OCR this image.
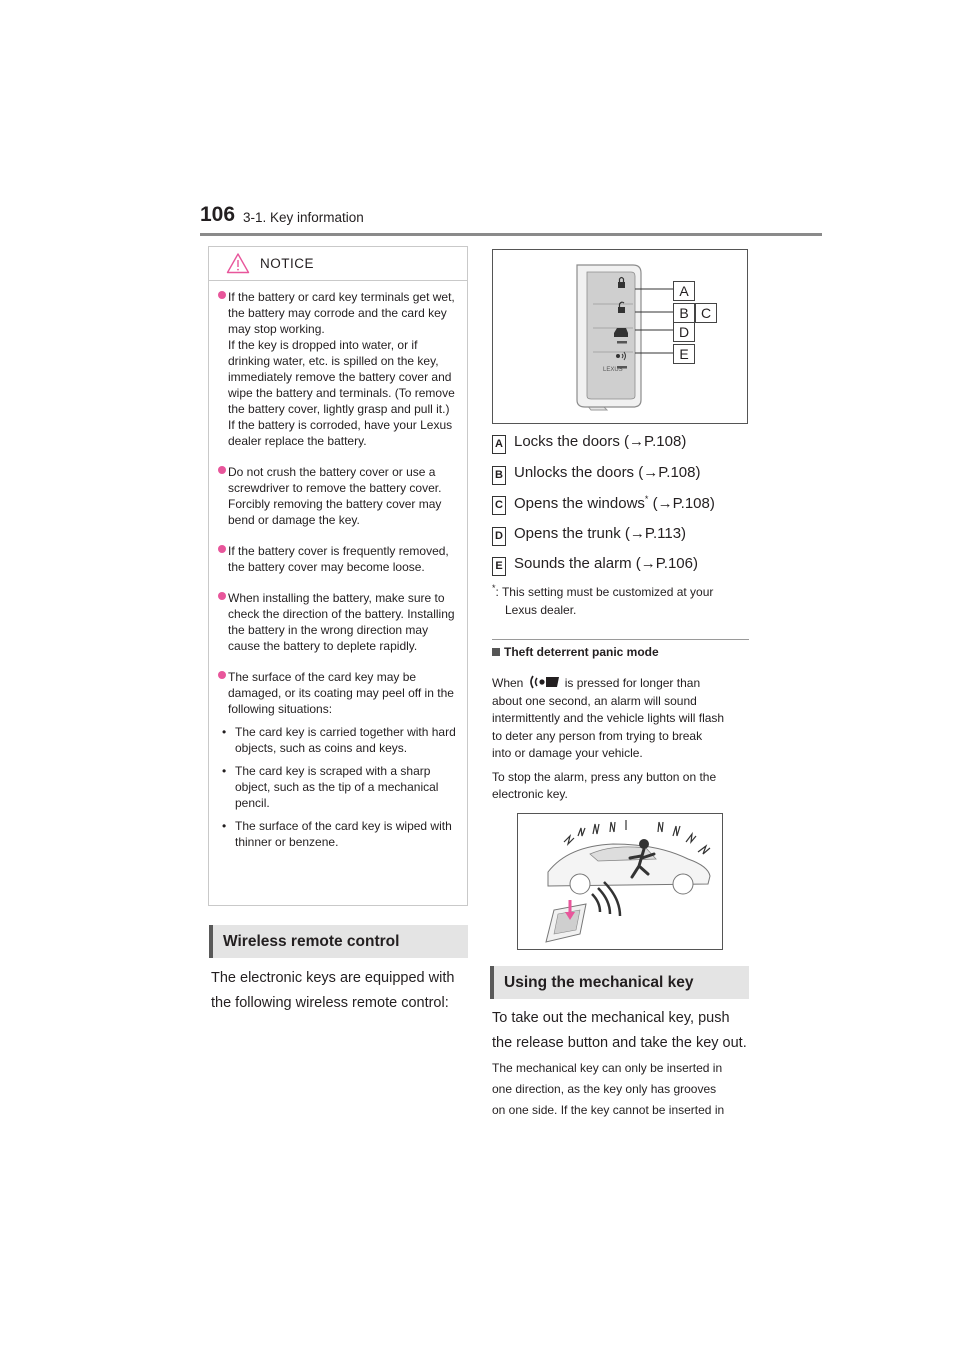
106 3-1. Key information
NOTICE
If the battery or card key terminals get wet, the battery may corrode and the card key may stop working.
If the key is dropped into water, or if drinking water, etc. is spilled on the key, immediately remove the battery cover and wipe the battery and terminals. (To remove the battery cover, lightly grasp and pull it.) If the battery is corroded, have your Lexus dealer replace the battery.
Do not crush the battery cover or use a screwdriver to remove the battery cover.
Forcibly removing the battery cover may bend or damage the key.
If the battery cover is frequently removed, the battery cover may become loose.
When installing the battery, make sure to check the direction of the battery. Installing the battery in the wrong direction may cause the battery to deplete rapidly.
The surface of the card key may be damaged, or its coating may peel off in the following situations:
• The card key is carried together with hard objects, such as coins and keys.
• The card key is scraped with a sharp object, such as the tip of a mechanical pencil.
• The surface of the card key is wiped with thinner or benzene.
Wireless remote control
The electronic keys are equipped with
the following wireless remote control:
LEXUS
A
B C
D
E
A Locks the doors (→P.108)
B Unlocks the doors (→P.108)
C Opens the windows* (→P.108)
D Opens the trunk (→P.113)
E Sounds the alarm (→P.106)
*: This setting must be customized at your
Lexus dealer.
Theft deterrent panic mode
When	is pressed for longer than
about one second, an alarm will sound
intermittently and the vehicle lights will flash
to deter any person from trying to break
into or damage your vehicle.
To stop the alarm, press any button on the
electronic key.
Using the mechanical key
To take out the mechanical key, push
the release button and take the key out.
The mechanical key can only be inserted in
one direction, as the key only has grooves
on one side. If the key cannot be inserted in
